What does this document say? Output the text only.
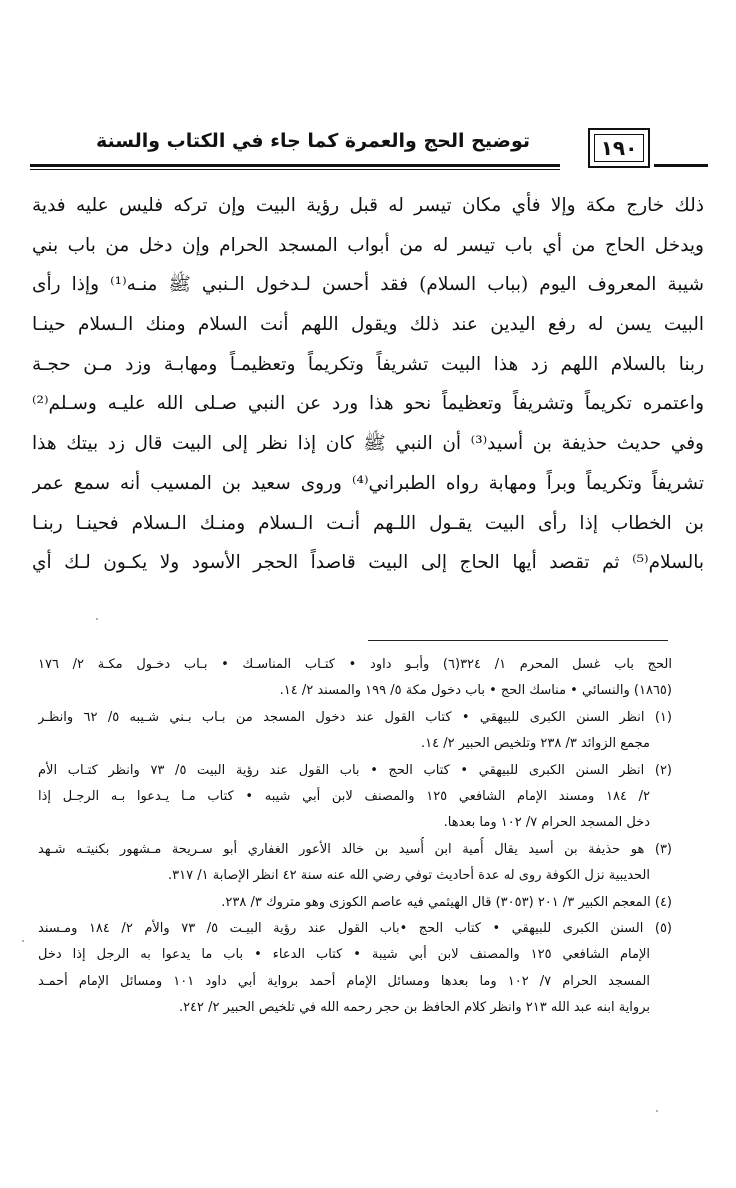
توضيح الحج والعمرة كما جاء في الكتاب والسنة	١٩٠
ذلك خارج مكة وإلا فأي مكان تيسر له قبل رؤية البيت وإن تركه فليس عليه فدية
ويدخل الحاج من أي باب تيسر له من أبواب المسجد الحرام وإن دخل من باب بني
شيبة المعروف اليوم (بباب السلام) فقد أحسن لـدخول الـنبي ﷺ منـه⁽¹⁾ وإذا رأى
البيت يسن له رفع اليدين عند ذلك ويقول اللهم أنت السلام ومنك الـسلام حينـا
ربنا بالسلام اللهم زد هذا البيت تشريفاً وتكريماً وتعظيمـاً ومهابـة وزد مـن حجـة
واعتمره تكريماً وتشريفاً وتعظيماً نحو هذا ورد عن النبي صـلى الله عليـه وسـلم⁽²⁾
وفي حديث حذيفة بن أسيد⁽³⁾ أن النبي ﷺ كان إذا نظر إلى البيت قال زد بيتك هذا
تشريفاً وتكريماً وبراً ومهابة رواه الطبراني⁽⁴⁾ وروى سعيد بن المسيب أنه سمع عمر
بن الخطاب إذا رأى البيت يقـول اللـهم أنـت الـسلام ومنـك الـسلام فحينـا ربنـا
بالسلام⁽⁵⁾ ثم تقصد أيها الحاج إلى البيت قاصداً الحجر الأسود ولا يكـون لـك أي
الحج باب غسل المحرم ١/ ٣٢٤(٦) وأبـو داود • كتـاب المناسـك • بـاب دخـول مكـة ٢/ ١٧٦
(١٨٦٥) والنسائي • مناسك الحج • باب دخول مكة ٥/ ١٩٩ والمسند ٢/ ١٤.
(١) انظر السنن الكبرى للبيهقي • كتاب القول عند دخول المسجد من بـاب بـني شـيبه ٥/ ٦٢ وانظـر
مجمع الزوائد ٣/ ٢٣٨ وتلخيص الحبير ٢/ ١٤.
(٢) انظر السنن الكبرى للبيهقي • كتاب الحج • باب القول عند رؤية البيت ٥/ ٧٣ وانظر كتـاب الأم
٢/ ١٨٤ ومسند الإمام الشافعي ١٢٥ والمصنف لابن أبي شيبه • كتاب مـا يـدعوا بـه الرجـل إذا
دخل المسجد الحرام ٧/ ١٠٢ وما بعدها.
(٣) هو حذيفة بن أسيد يقال أُمية ابن أُسيد بن خالد الأعور الغفاري أبو سـريحة مـشهور بكنيتـه شـهد
الحديبية نزل الكوفة روى له عدة أحاديث توفي رضي الله عنه سنة ٤٢ انظر الإصابة ١/ ٣١٧.
(٤) المعجم الكبير ٣/ ٢٠١ (٣٠٥٣) قال الهيثمي فيه عاصم الكوزى وهو متروك ٣/ ٢٣٨.
(٥) السنن الكبرى للبيهقي • كتاب الحج •باب القول عند رؤية البيـت ٥/ ٧٣ والأم ٢/ ١٨٤ ومـسند
الإمام الشافعي ١٢٥ والمصنف لابن أبي شيبة • كتاب الدعاء • باب ما يدعوا به الرجل إذا دخل
المسجد الحرام ٧/ ١٠٢ وما بعدها ومسائل الإمام أحمد برواية أبي داود ١٠١ ومسائل الإمام أحمـد
برواية ابنه عبد الله ٢١٣ وانظر كلام الحافظ بن حجر رحمه الله في تلخيص الحبير ٢/ ٢٤٢.
